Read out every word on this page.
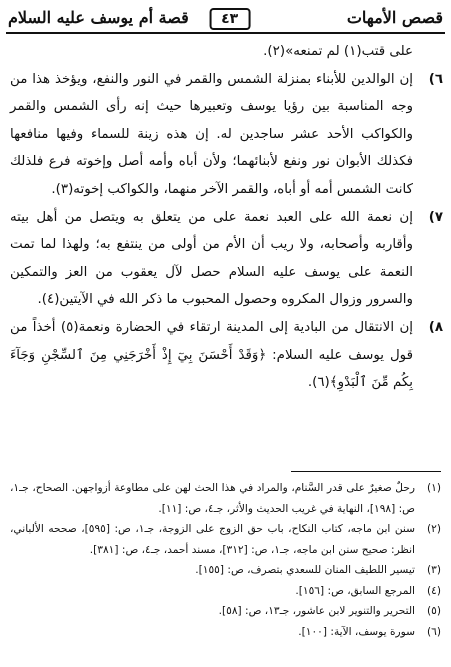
قصص الأمهات
٤٣
قصة أم يوسف عليه السلام

على قتب(١) لم تمنعه»(٢).

٦)
إن الوالدين للأبناء بمنزلة الشمس والقمر في النور والنفع، ويؤخذ هذا من وجه المناسبة بين رؤيا يوسف وتعبيرها حيث إنه رأى الشمس والقمر والكواكب الأحد عشر ساجدين له. إن هذه زينة للسماء وفيها منافعها فكذلك الأبوان نور ونفع لأبنائهما؛ ولأن أباه وأمه أصل وإخوته فرع فلذلك كانت الشمس أمه أو أباه، والقمر الآخر منهما، والكواكب إخوته(٣).

٧)
إن نعمة الله على العبد نعمة على من يتعلق به ويتصل من أهل بيته وأقاربه وأصحابه، ولا ريب أن الأم من أولى من ينتفع به؛ ولهذا لما تمت النعمة على يوسف عليه السلام حصل لآل يعقوب من العز والتمكين والسرور وزوال المكروه وحصول المحبوب ما ذكر الله في الآيتين(٤).

٨)
إن الانتقال من البادية إلى المدينة ارتقاء في الحضارة ونعمة(٥) أخذاً من قول يوسف عليه السلام: ﴿وَقَدْ أَحْسَنَ بِيٓ إِذْ أَخْرَجَنِي مِنَ ٱلسِّجْنِ وَجَآءَ بِكُم مِّنَ ٱلْبَدْوِ﴾(٦).

(١)
رحلٌ صغيرٌ على قدر السَّنام، والمراد في هذا الحث لهن على مطاوعة أزواجهن. الصحاح، جـ١، ص: [١٩٨]، النهاية في غريب الحديث والأثر، جـ٤، ص: [١١].
(٢)
سنن ابن ماجه، كتاب النكاح، باب حق الزوج على الزوجة، جـ١، ص: [٥٩٥]، صححه الألباني، انظر: صحيح سنن ابن ماجه، جـ١، ص: [٣١٢]، مسند أحمد، جـ٤، ص: [٣٨١].
(٣)
تيسير اللطيف المنان للسعدي بتصرف، ص: [١٥٥].
(٤)
المرجع السابق، ص: [١٥٦].
(٥)
التحرير والتنوير لابن عاشور، جـ١٣، ص: [٥٨].
(٦)
سورة يوسف، الآية: [١٠٠].
